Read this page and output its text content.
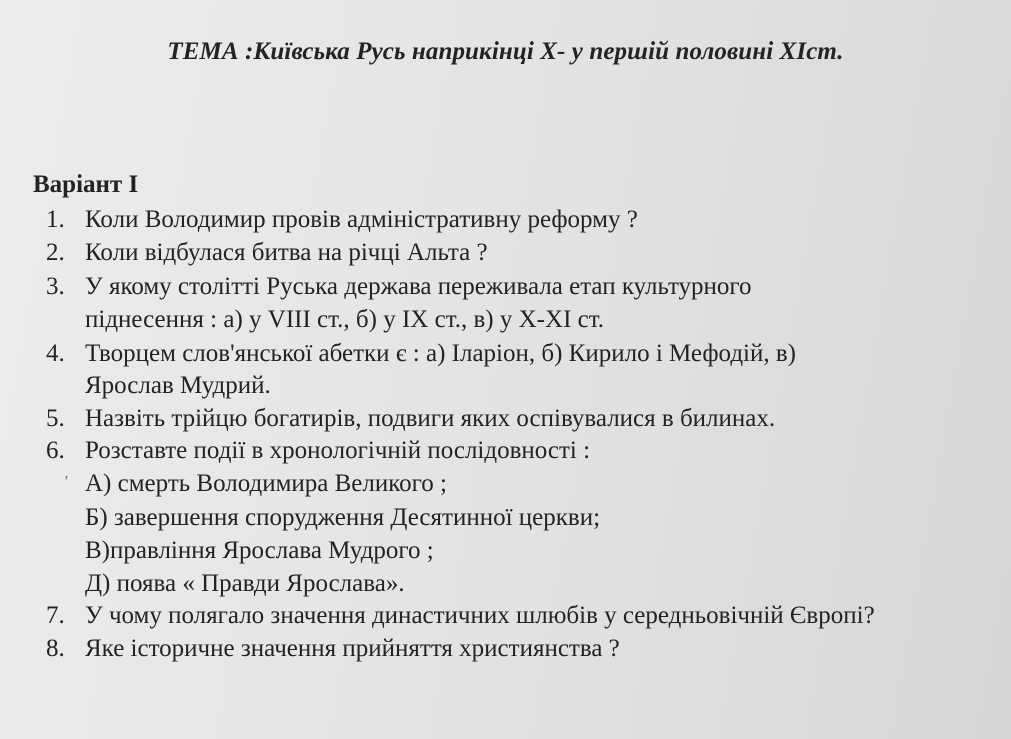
ТЕМА :Київська Русь наприкінці X- у першій половині XIст.
Варіант І
1. Коли Володимир провів адміністративну реформу ?
2. Коли відбулася битва на річці Альта ?
3. У якому столітті Руська держава переживала етап культурного
піднесення : а) у VIII ст., б) у IX ст., в) у X-XI ст.
4. Творцем слов'янської абетки є : а) Іларіон, б) Кирило і Мефодій, в)
Ярослав Мудрий.
5. Назвіть трійцю богатирів, подвиги яких оспівувалися в билинах.
6. Розставте події в хронологічній послідовності :
А) смерть Володимира Великого ;
Б) завершення спорудження Десятинної церкви;
В)правління Ярослава Мудрого ;
Д) поява « Правди Ярослава».
7. У чому полягало значення династичних шлюбів у середньовічній Європі?
8. Яке історичне значення прийняття християнства ?
ʼ
